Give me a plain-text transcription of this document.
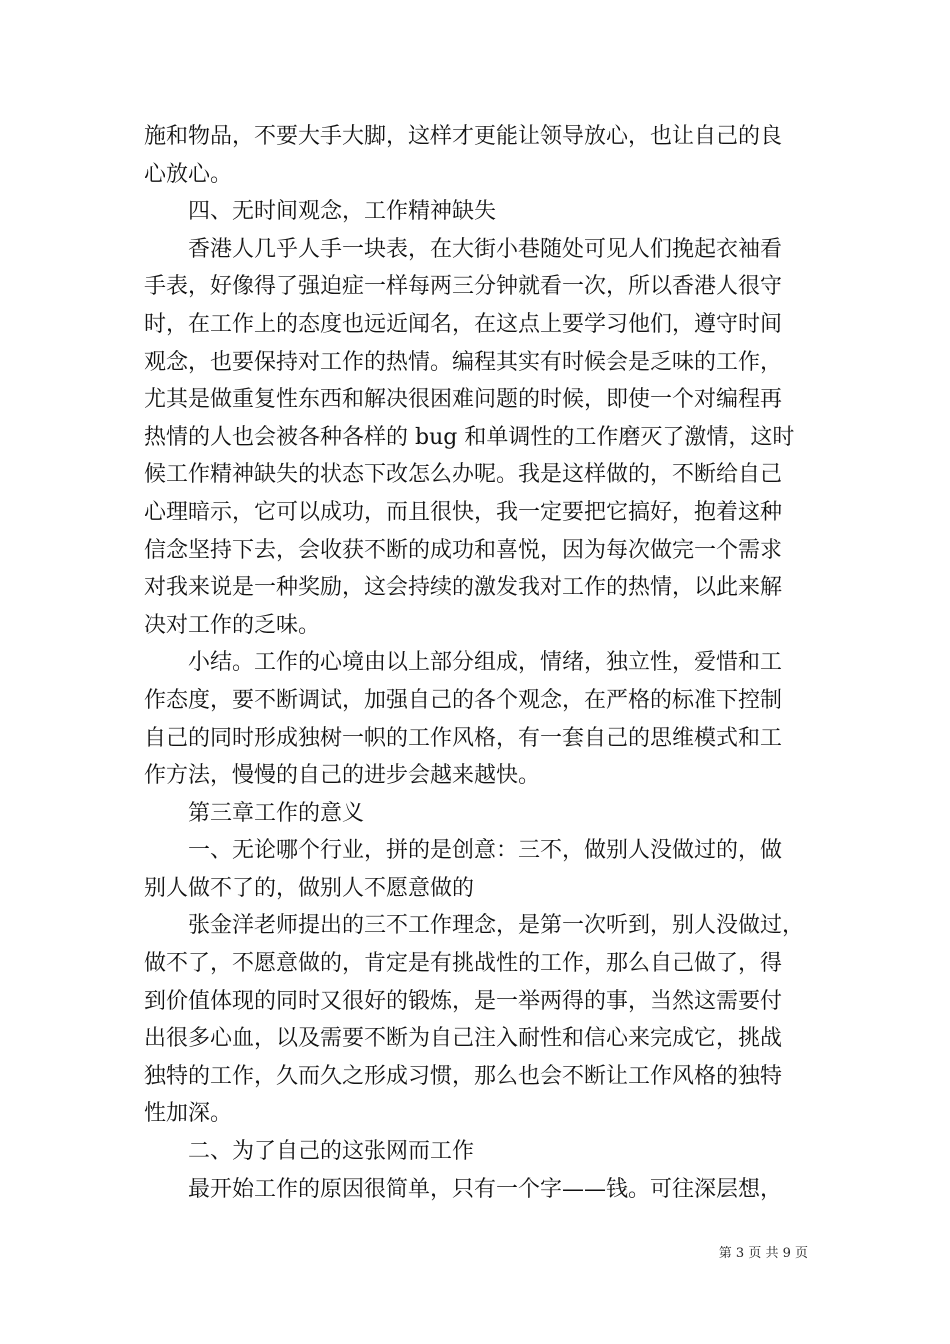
施和物品，不要大手大脚，这样才更能让领导放心，也让自己的良
心放心。
四、无时间观念，工作精神缺失
香港人几乎人手一块表，在大街小巷随处可见人们挽起衣袖看
手表，好像得了强迫症一样每两三分钟就看一次，所以香港人很守
时，在工作上的态度也远近闻名，在这点上要学习他们，遵守时间
观念，也要保持对工作的热情。编程其实有时候会是乏味的工作，
尤其是做重复性东西和解决很困难问题的时候，即使一个对编程再
热情的人也会被各种各样的 bug 和单调性的工作磨灭了激情，这时
候工作精神缺失的状态下改怎么办呢。我是这样做的，不断给自己
心理暗示，它可以成功，而且很快，我一定要把它搞好，抱着这种
信念坚持下去，会收获不断的成功和喜悦，因为每次做完一个需求
对我来说是一种奖励，这会持续的激发我对工作的热情，以此来解
决对工作的乏味。
小结。工作的心境由以上部分组成，情绪，独立性，爱惜和工
作态度，要不断调试，加强自己的各个观念，在严格的标准下控制
自己的同时形成独树一帜的工作风格，有一套自己的思维模式和工
作方法，慢慢的自己的进步会越来越快。
第三章工作的意义
一、无论哪个行业，拼的是创意：三不，做别人没做过的，做
别人做不了的，做别人不愿意做的
张金洋老师提出的三不工作理念，是第一次听到，别人没做过，
做不了，不愿意做的，肯定是有挑战性的工作，那么自己做了，得
到价值体现的同时又很好的锻炼，是一举两得的事，当然这需要付
出很多心血，以及需要不断为自己注入耐性和信心来完成它，挑战
独特的工作，久而久之形成习惯，那么也会不断让工作风格的独特
性加深。
二、为了自己的这张网而工作
最开始工作的原因很简单，只有一个字——钱。可往深层想，
第 3 页 共 9 页
